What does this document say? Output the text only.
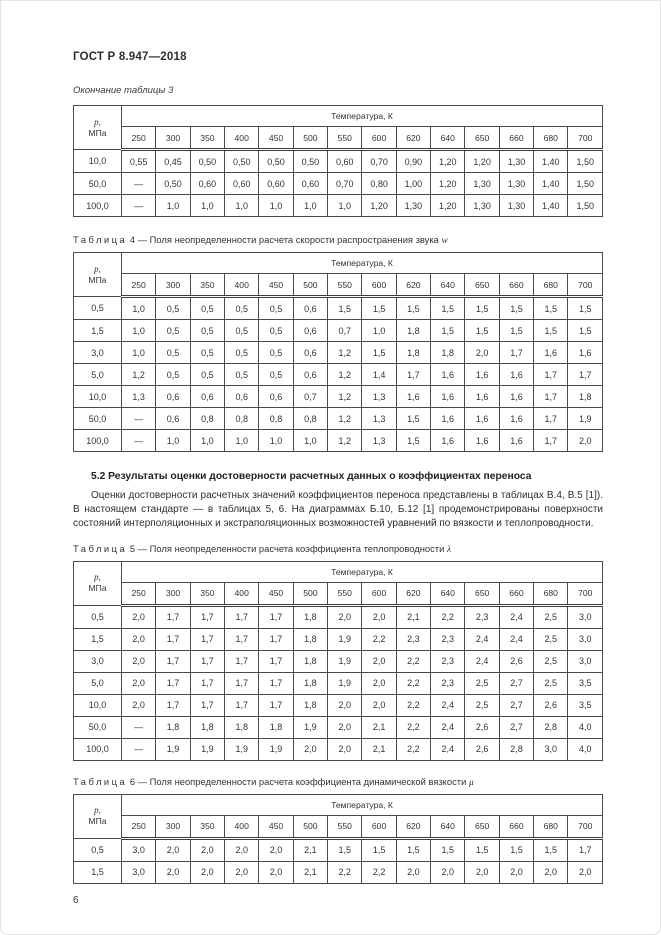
ГОСТ Р 8.947—2018
Окончание таблицы 3
р,
МПа	Температура, К													
	250	300	350	400	450	500	550	600	620	640	650	660	680	700
10,0	0,55	0,45	0,50	0,50	0,50	0,50	0,60	0,70	0,90	1,20	1,20	1,30	1,40	1,50
50,0	—	0,50	0,60	0,60	0,60	0,60	0,70	0,80	1,00	1,20	1,30	1,30	1,40	1,50
100,0	—	1,0	1,0	1,0	1,0	1,0	1,0	1,20	1,30	1,20	1,30	1,30	1,40	1,50
Таблица 4 — Поля неопределенности расчета скорости распространения звука w
р,
МПа	Температура, К													
	250	300	350	400	450	500	550	600	620	640	650	660	680	700
0,5	1,0	0,5	0,5	0,5	0,5	0,6	1,5	1,5	1,5	1,5	1,5	1,5	1,5	1,5
1,5	1,0	0,5	0,5	0,5	0,5	0,6	0,7	1,0	1,8	1,5	1,5	1,5	1,5	1,5
3,0	1,0	0,5	0,5	0,5	0,5	0,6	1,2	1,5	1,8	1,8	2,0	1,7	1,6	1,6
5,0	1,2	0,5	0,5	0,5	0,5	0,6	1,2	1,4	1,7	1,6	1,6	1,6	1,7	1,7
10,0	1,3	0,6	0,6	0,6	0,6	0,7	1,2	1,3	1,6	1,6	1,6	1,6	1,7	1,8
50,0	—	0,6	0,8	0,8	0,8	0,8	1,2	1,3	1,5	1,6	1,6	1,6	1,7	1,9
100,0	—	1,0	1,0	1,0	1,0	1,0	1,2	1,3	1,5	1,6	1,6	1,6	1,7	2,0
5.2 Результаты оценки достоверности расчетных данных о коэффициентах переноса
Оценки достоверности расчетных значений коэффициентов переноса представлены в таблицах В.4, В.5 [1]). В настоящем стандарте — в таблицах 5, 6. На диаграммах Б.10, Б.12 [1] продемонстрированы поверхности состояний интерполяционных и экстраполяционных возможностей уравнений по вязкости и теплопроводности.
Таблица 5 — Поля неопределенности расчета коэффициента теплопроводности λ
р,
МПа	Температура, К													
	250	300	350	400	450	500	550	600	620	640	650	660	680	700
0,5	2,0	1,7	1,7	1,7	1,7	1,8	2,0	2,0	2,1	2,2	2,3	2,4	2,5	3,0
1,5	2,0	1,7	1,7	1,7	1,7	1,8	1,9	2,2	2,3	2,3	2,4	2,4	2,5	3,0
3,0	2,0	1,7	1,7	1,7	1,7	1,8	1,9	2,0	2,2	2,3	2,4	2,6	2,5	3,0
5,0	2,0	1,7	1,7	1,7	1,7	1,8	1,9	2,0	2,2	2,3	2,5	2,7	2,5	3,5
10,0	2,0	1,7	1,7	1,7	1,7	1,8	2,0	2,0	2,2	2,4	2,5	2,7	2,6	3,5
50,0	—	1,8	1,8	1,8	1,8	1,9	2,0	2,1	2,2	2,4	2,6	2,7	2,8	4,0
100,0	—	1,9	1,9	1,9	1,9	2,0	2,0	2,1	2,2	2,4	2,6	2,8	3,0	4,0
Таблица 6 — Поля неопределенности расчета коэффициента динамической вязкости μ
р,
МПа	Температура, К													
	250	300	350	400	450	500	550	600	620	640	650	660	680	700
0,5	3,0	2,0	2,0	2,0	2,0	2,1	1,5	1,5	1,5	1,5	1,5	1,5	1,5	1,7
1,5	3,0	2,0	2,0	2,0	2,0	2,1	2,2	2,2	2,0	2,0	2,0	2,0	2,0	2,0
6
